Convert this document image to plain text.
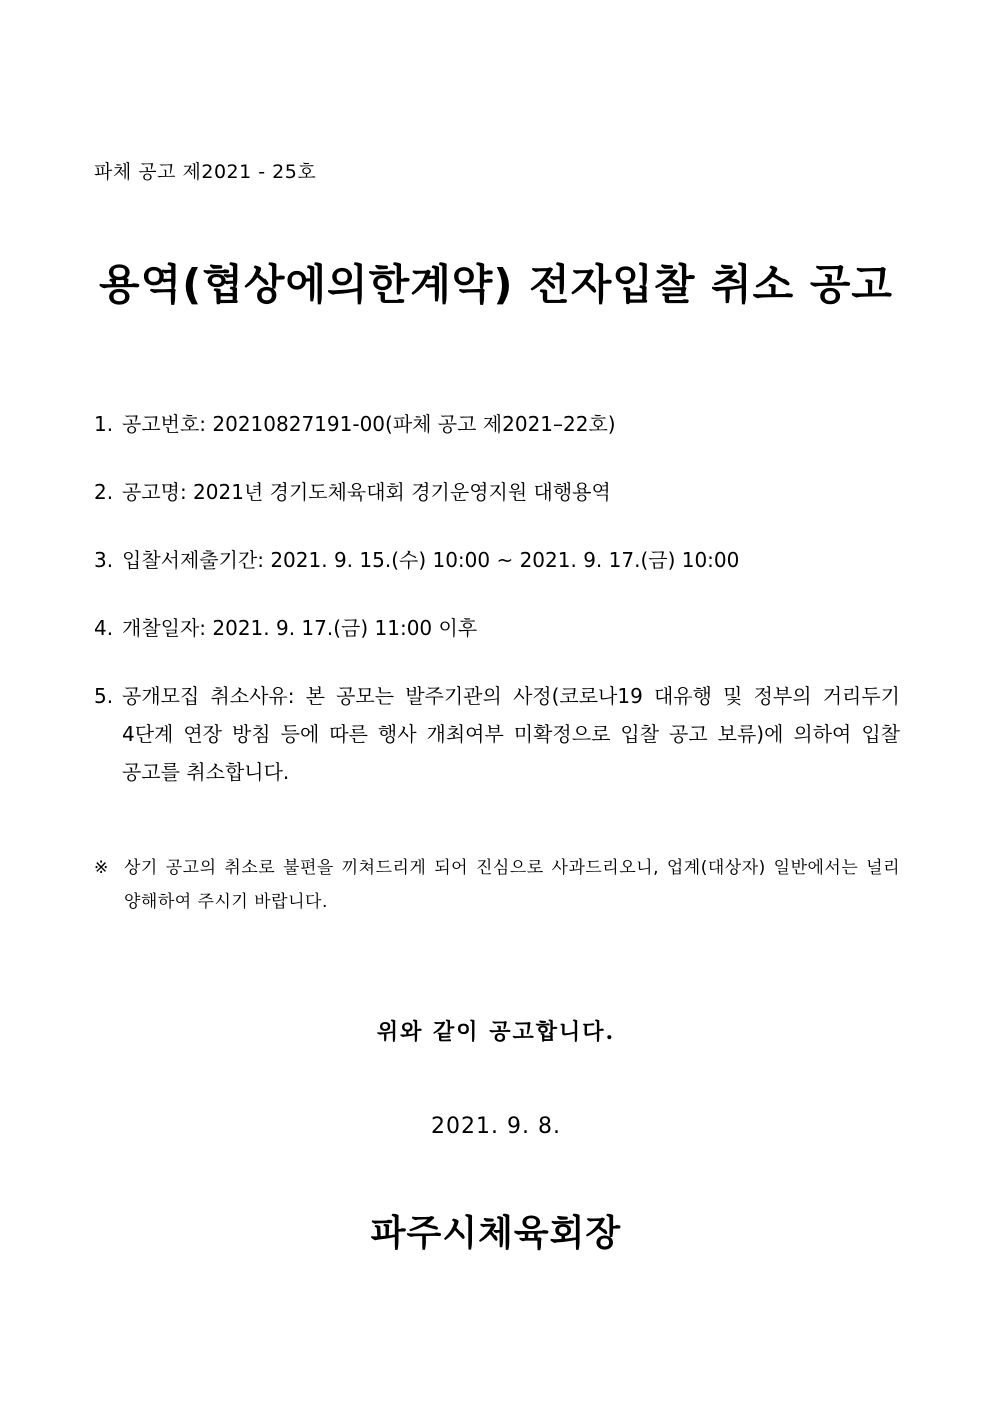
파체 공고 제2021 - 25호
용역(협상에의한계약) 전자입찰 취소 공고
1. 공고번호: 20210827191-00(파체 공고 제2021–22호)
2. 공고명: 2021년 경기도체육대회 경기운영지원 대행용역
3. 입찰서제출기간: 2021. 9. 15.(수) 10:00 ~ 2021. 9. 17.(금) 10:00
4. 개찰일자: 2021. 9. 17.(금) 11:00 이후
5. 공개모집 취소사유: 본 공모는 발주기관의 사정(코로나19 대유행 및 정부의 거리두기 4단계 연장 방침 등에 따른 행사 개최여부 미확정으로 입찰 공고 보류)에 의하여 입찰 공고를 취소합니다.
※ 상기 공고의 취소로 불편을 끼쳐드리게 되어 진심으로 사과드리오니, 업계(대상자) 일반에서는 널리 양해하여 주시기 바랍니다.
위와 같이 공고합니다.
2021. 9. 8.
파주시체육회장
